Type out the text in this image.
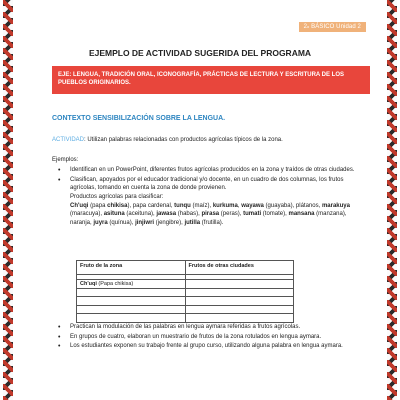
2$^o$ BÁSICO Unidad 2
EJEMPLO DE ACTIVIDAD SUGERIDA DEL PROGRAMA
EJE: LENGUA, TRADICIÓN ORAL, ICONOGRAFÍA, PRÁCTICAS DE LECTURA Y ESCRITURA DE LOS PUEBLOS ORIGINARIOS.
CONTEXTO SENSIBILIZACIÓN SOBRE LA LENGUA.
ACTIVIDAD: Utilizan palabras relacionadas con productos agrícolas típicos de la zona.
Ejemplos:
• Identifican en un PowerPoint, diferentes frutos agrícolas producidos en la zona y traídos de otras ciudades.
• Clasifican, apoyados por el educador tradicional y/o docente, en un cuadro de dos columnas, los frutos agrícolas, tomando en cuenta la zona de donde provienen.
Productos agrícolas para clasificar:
Ch'uqi (papa chikisa), papa cardenal, tunqu (maíz), kurkuma, wayawa (guayaba), plátanos, marakuya (maracuya), asituna (aceituna), jawasa (habas), pirasa (peras), tumati (tomate), mansana (manzana), naranja, juyra (quínua), jinjiwri (jengibre), jutilla (frutilla).
Fruto de la zona	Frutos de otras ciudades

Ch'uqi (Papa chikisa)	

• Practican la modulación de las palabras en lengua aymara referidas a frutos agrícolas.
• En grupos de cuatro, elaboran un muestrario de frutos de la zona rotulados en lengua aymara.
• Los estudiantes exponen su trabajo frente al grupo curso, utilizando alguna palabra en lengua aymara.
